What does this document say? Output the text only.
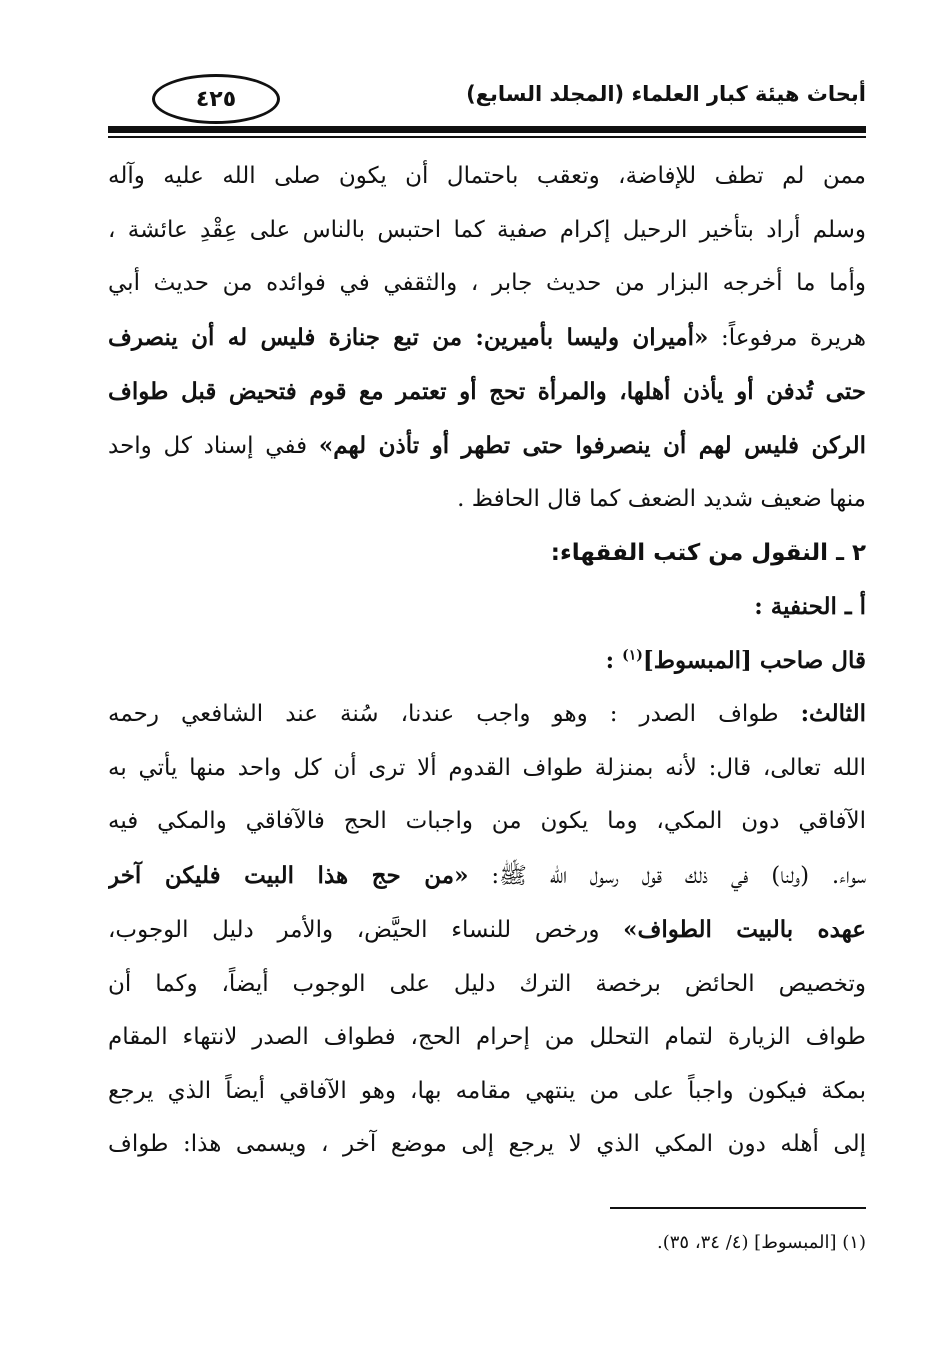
أبحاث هيئة كبار العلماء (المجلد السابع)
٤٢٥
ممن لم تطف للإفاضة، وتعقب باحتمال أن يكون صلى الله عليه وآله
وسلم أراد بتأخير الرحيل إكرام صفية كما احتبس بالناس على عِقْدِ عائشة ،
وأما ما أخرجه البزار من حديث جابر ، والثقفي في فوائده من حديث أبي
هريرة مرفوعاً: «أميران وليسا بأميرين: من تبع جنازة فليس له أن ينصرف
حتى تُدفن أو يأذن أهلها، والمرأة تحج أو تعتمر مع قوم فتحيض قبل طواف
الركن فليس لهم أن ينصرفوا حتى تطهر أو تأذن لهم» ففي إسناد كل واحد
منها ضعيف شديد الضعف كما قال الحافظ .
٢ ـ النقول من كتب الفقهاء:
أ ـ الحنفية :
قال صاحب [المبسوط]$^{(١)}$ :
الثالث: طواف الصدر : وهو واجب عندنا، سُنة عند الشافعي رحمه
الله تعالى، قال: لأنه بمنزلة طواف القدوم ألا ترى أن كل واحد منها يأتي به
الآفاقي دون المكي، وما يكون من واجبات الحج فالآفاقي والمكي فيه
سواء. (ولنا) في ذلك قول رسول الله ﷺ: «من حج هذا البيت فليكن آخر
عهده بالبيت الطواف» ورخص للنساء الحيَّض، والأمر دليل الوجوب،
وتخصيص الحائض برخصة الترك دليل على الوجوب أيضاً، وكما أن
طواف الزيارة لتمام التحلل من إحرام الحج، فطواف الصدر لانتهاء المقام
بمكة فيكون واجباً على من ينتهي مقامه بها، وهو الآفاقي أيضاً الذي يرجع
إلى أهله دون المكي الذي لا يرجع إلى موضع آخر ، ويسمى هذا: طواف
(١) [المبسوط] (٤/ ٣٤، ٣٥).
